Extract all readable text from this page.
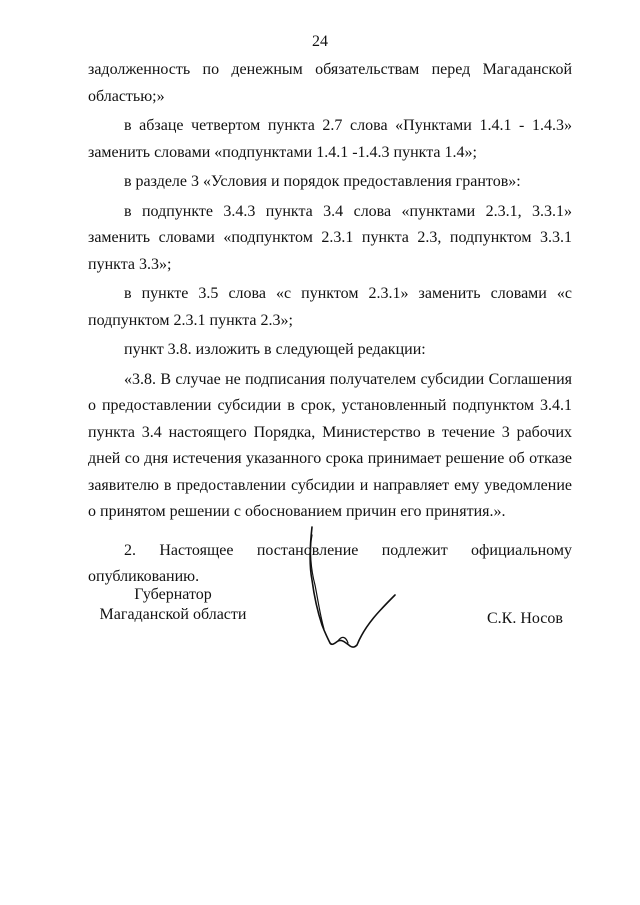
24

задолженность по денежным обязательствам перед Магаданской областью;»

в абзаце четвертом пункта 2.7 слова «Пунктами 1.4.1 - 1.4.3» заменить словами «подпунктами 1.4.1 -1.4.3 пункта 1.4»;

в разделе 3 «Условия и порядок предоставления грантов»:

в подпункте 3.4.3 пункта 3.4 слова «пунктами 2.3.1, 3.3.1» заменить словами «подпунктом 2.3.1 пункта 2.3, подпунктом 3.3.1 пункта 3.3»;

в пункте 3.5 слова «с пунктом 2.3.1» заменить словами «с подпунктом 2.3.1 пункта 2.3»;

пункт 3.8. изложить в следующей редакции:

«3.8. В случае не подписания получателем субсидии Соглашения о предоставлении субсидии в срок, установленный подпунктом 3.4.1 пункта 3.4 настоящего Порядка, Министерство в течение 3 рабочих дней со дня истечения указанного срока принимает решение об отказе заявителю в предоставлении субсидии и направляет ему уведомление о принятом решении с обоснованием причин его принятия.».

2. Настоящее постановление подлежит официальному опубликованию.

Губернатор
Магаданской области	С.К. Носов
